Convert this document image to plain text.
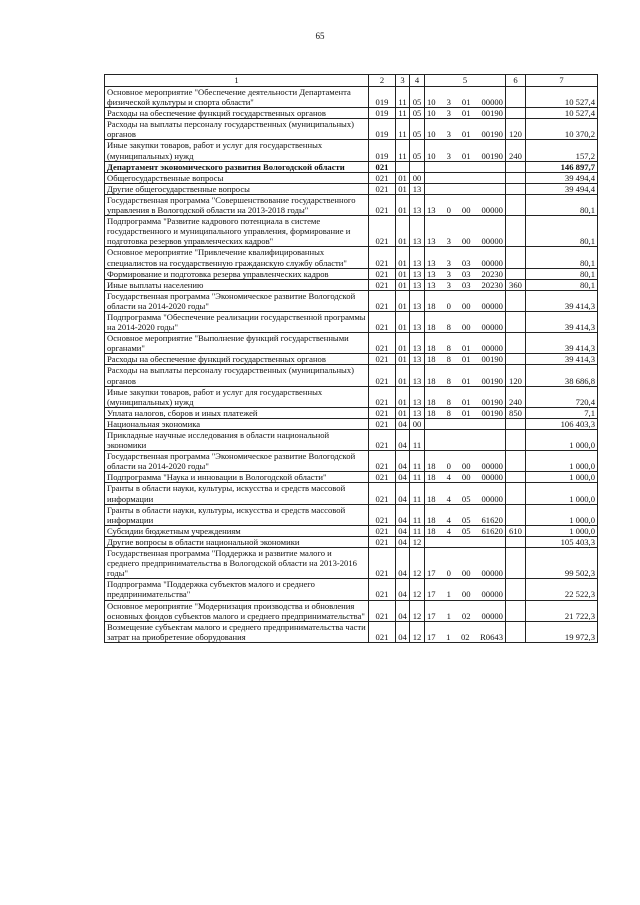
65
1	2	3	4	5	6	7
Основное мероприятие "Обеспечение деятельности Департамента физической культуры и спорта области"	019	11	05	10 3 01 00000		10 527,4
Расходы на обеспечение функций государственных органов	019	11	05	10 3 01 00190		10 527,4
Расходы на выплаты персоналу государственных (муниципальных) органов	019	11	05	10 3 01 00190	120	10 370,2
Иные закупки товаров, работ и услуг для государственных (муниципальных) нужд	019	11	05	10 3 01 00190	240	157,2
Департамент экономического развития Вологодской области	021					146 897,7
Общегосударственные вопросы	021	01	00			39 494,4
Другие общегосударственные вопросы	021	01	13			39 494,4
Государственная программа "Совершенствование государственного управления в Вологодской области на 2013-2018 годы"	021	01	13	13 0 00 00000		80,1
Подпрограмма "Развитие кадрового потенциала в системе государственного и муниципального управления, формирование и подготовка резервов управленческих кадров"	021	01	13	13 3 00 00000		80,1
Основное мероприятие "Привлечение квалифицированных специалистов на государственную гражданскую службу области"	021	01	13	13 3 03 00000		80,1
Формирование и подготовка резерва управленческих кадров	021	01	13	13 3 03 20230		80,1
Иные выплаты населению	021	01	13	13 3 03 20230	360	80,1
Государственная программа "Экономическое развитие Вологодской области на 2014-2020 годы"	021	01	13	18 0 00 00000		39 414,3
Подпрограмма "Обеспечение реализации государственной программы на 2014-2020 годы"	021	01	13	18 8 00 00000		39 414,3
Основное мероприятие "Выполнение функций государственными органами"	021	01	13	18 8 01 00000		39 414,3
Расходы на обеспечение функций государственных органов	021	01	13	18 8 01 00190		39 414,3
Расходы на выплаты персоналу государственных (муниципальных) органов	021	01	13	18 8 01 00190	120	38 686,8
Иные закупки товаров, работ и услуг для государственных (муниципальных) нужд	021	01	13	18 8 01 00190	240	720,4
Уплата налогов, сборов и иных платежей	021	01	13	18 8 01 00190	850	7,1
Национальная экономика	021	04	00			106 403,3
Прикладные научные исследования в области национальной экономики	021	04	11			1 000,0
Государственная программа "Экономическое развитие Вологодской области на 2014-2020 годы"	021	04	11	18 0 00 00000		1 000,0
Подпрограмма "Наука и инновации в Вологодской области"	021	04	11	18 4 00 00000		1 000,0
Гранты в области науки, культуры, искусства и средств массовой информации	021	04	11	18 4 05 00000		1 000,0
Гранты в области науки, культуры, искусства и средств массовой информации	021	04	11	18 4 05 61620		1 000,0
Субсидии бюджетным учреждениям	021	04	11	18 4 05 61620	610	1 000,0
Другие вопросы в области национальной экономики	021	04	12			105 403,3
Государственная программа "Поддержка и развитие малого и среднего предпринимательства в Вологодской области на 2013-2016 годы"	021	04	12	17 0 00 00000		99 502,3
Подпрограмма "Поддержка субъектов малого и среднего предпринимательства"	021	04	12	17 1 00 00000		22 522,3
Основное мероприятие "Модернизация производства и обновления основных фондов субъектов малого и среднего предпринимательства"	021	04	12	17 1 02 00000		21 722,3
Возмещение субъектам малого и среднего предпринимательства части затрат на приобретение оборудования	021	04	12	17 1 02 R0643		19 972,3
